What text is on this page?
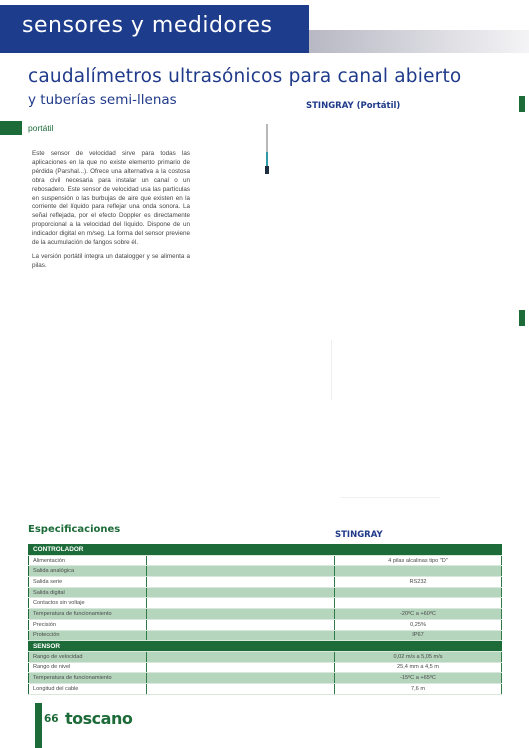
sensores y medidores
caudalímetros ultrasónicos para canal abierto
y tuberías semi-llenas	STINGRAY (Portátil)
portátil

Este sensor de velocidad sirve para todas las aplicaciones en la que no existe elemento primario de pérdida (Parshal...). Ofrece una alternativa a la costosa obra civil necesaria para instalar un canal o un rebosadero. Este sensor de velocidad usa las partículas en suspensión o las burbujas de aire que existen en la corriente del líquido para reflejar una onda sonora. La señal reflejada, por el efecto Doppler es directamente proporcional a la velocidad del líquido. Dispone de un indicador digital en m/seg. La forma del sensor previene de la acumulación de fangos sobre él.

La versión portátil integra un datalogger y se alimenta a pilas.

Especificaciones	STINGRAY
CONTROLADOR		
Alimentación		4 pilas alcalinas tipo "D"
Salida analógica		
Salida serie		RS232
Salida digital		
Contactos sin voltaje		
Temperatura de funcionamiento		-20ºC a +60ºC
Precisión		0,25%
Protección		IP67
SENSOR		
Rango de velocidad		0,02 m/s a 5,05 m/s
Rango de nivel		25,4 mm a 4,5 m
Temperatura de funcionamiento		-15ºC a +65ºC
Longitud del cable		7,6 m
66 toscano
